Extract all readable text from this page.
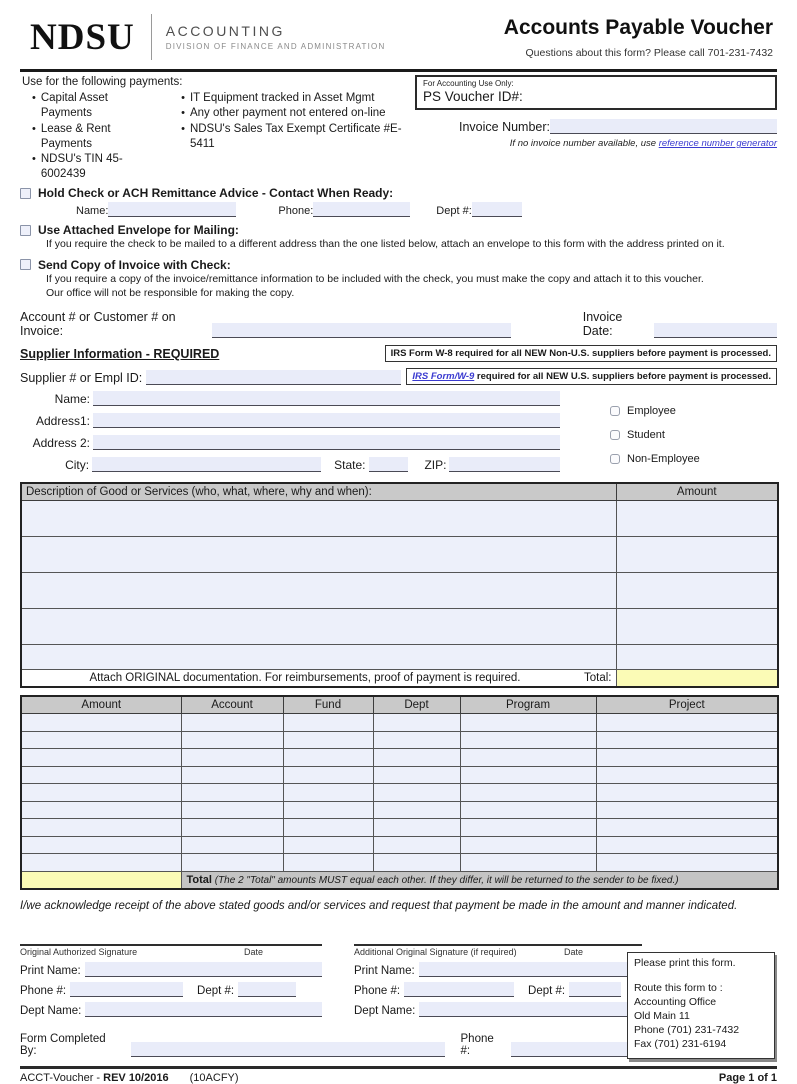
NDSU ACCOUNTING
DIVISION OF FINANCE AND ADMINISTRATION
Accounts Payable Voucher
Questions about this form? Please call 701-231-7432
Use for the following payments:
• Capital Asset Payments
• Lease & Rent Payments
• NDSU's TIN 45-6002439
• IT Equipment tracked in Asset Mgmt
• Any other payment not entered on-line
• NDSU's Sales Tax Exempt Certificate #E-5411
For Accounting Use Only:
PS Voucher ID#:
Invoice Number:
If no invoice number available, use reference number generator
Hold Check or ACH Remittance Advice - Contact When Ready:
Name:	Phone:	Dept #:
Use Attached Envelope for Mailing:
If you require the check to be mailed to a different address than the one listed below, attach an envelope to this form with the address printed on it.
Send Copy of Invoice with Check:
If you require a copy of the invoice/remittance information to be included with the check, you must make the copy and attach it to this voucher.
Our office will not be responsible for making the copy.
Account # or Customer # on Invoice:
Invoice Date:
Supplier Information - REQUIRED	IRS Form W-8 required for all NEW Non-U.S. suppliers before payment is processed.
Supplier # or Empl ID:	IRS Form/W-9 required for all NEW U.S. suppliers before payment is processed.
Name:
Address1:
Address 2:
City:	State:	ZIP:
Employee
Student
Non-Employee
Description of Good or Services (who, what, where, why and when):	Amount

Attach ORIGINAL documentation. For reimbursements, proof of payment is required. Total:	

Amount	Account	Fund	Dept	Program	Project

	Total (The 2 "Total" amounts MUST equal each other. If they differ, it will be returned to the sender to be fixed.)				
I/we acknowledge receipt of the above stated goods and/or services and request that payment be made in the amount and manner indicated.
Original Authorized Signature	Date
Print Name:
Phone #:	Dept #:
Dept Name:
Additional Original Signature (if required)	Date
Print Name:
Phone #:	Dept #:
Dept Name:
Please print this form.
Route this form to :
Accounting Office
Old Main 11
Phone (701) 231-7432
Fax (701) 231-6194
Form Completed By:
Phone #:
ACCT-Voucher - REV 10/2016 (10ACFY)	Page 1 of 1
